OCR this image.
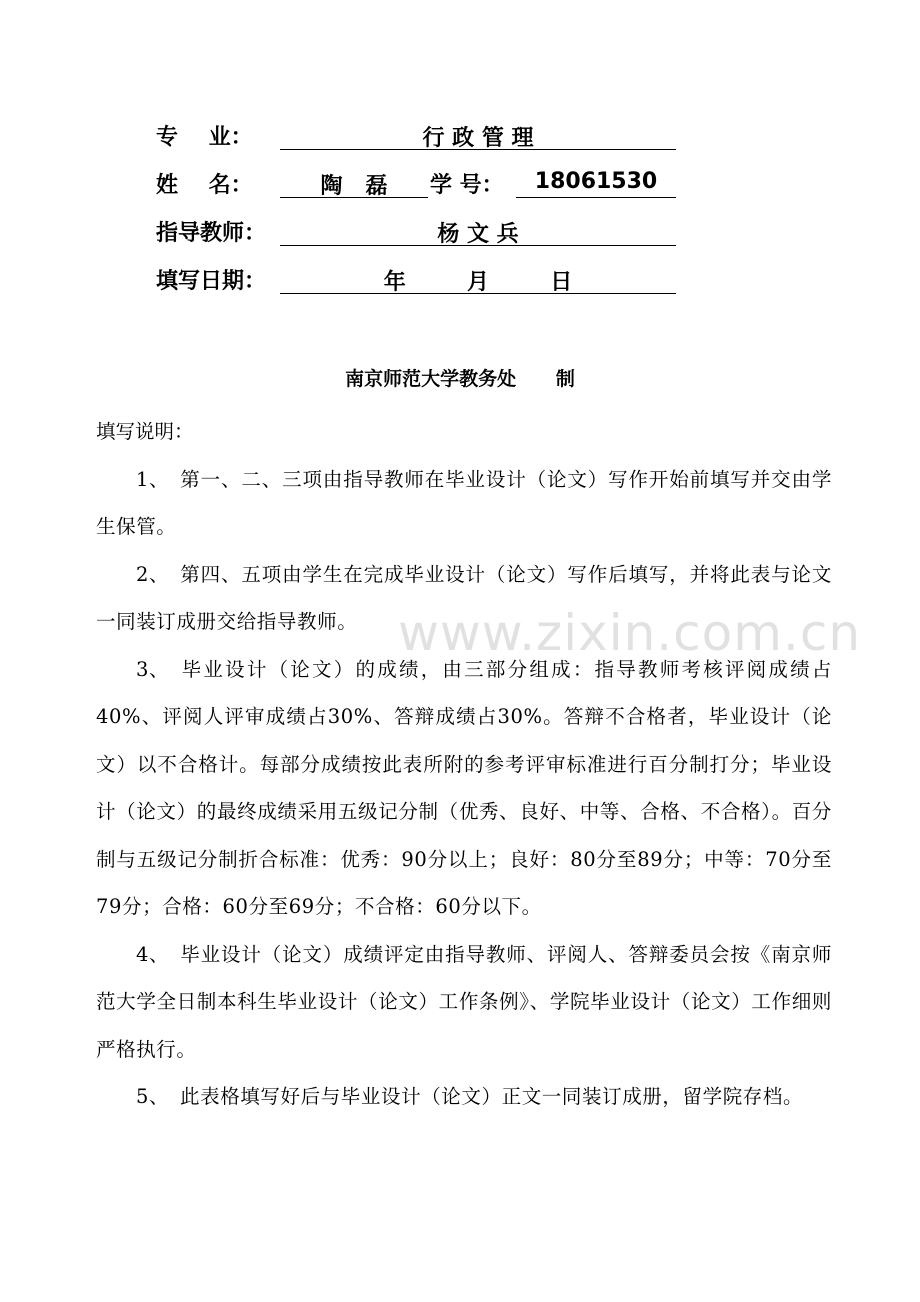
专    业：	行 政 管 理
姓    名：	陶   磊	学 号：	18061530
指导教师：	杨 文 兵
填写日期：	年        月        日
南京师范大学教务处      制

填写说明：

1、 第一、二、三项由指导教师在毕业设计（论文）写作开始前填写并交由学生保管。

2、 第四、五项由学生在完成毕业设计（论文）写作后填写，并将此表与论文一同装订成册交给指导教师。

3、 毕业设计（论文）的成绩，由三部分组成：指导教师考核评阅成绩占40%、评阅人评审成绩占30%、答辩成绩占30%。答辩不合格者，毕业设计（论文）以不合格计。每部分成绩按此表所附的参考评审标准进行百分制打分；毕业设计（论文）的最终成绩采用五级记分制（优秀、良好、中等、合格、不合格）。百分制与五级记分制折合标准：优秀：90分以上；良好：80分至89分；中等：70分至79分；合格：60分至69分；不合格：60分以下。

4、 毕业设计（论文）成绩评定由指导教师、评阅人、答辩委员会按《南京师范大学全日制本科生毕业设计（论文）工作条例》、学院毕业设计（论文）工作细则严格执行。

5、 此表格填写好后与毕业设计（论文）正文一同装订成册，留学院存档。

www.zixin.com.cn
